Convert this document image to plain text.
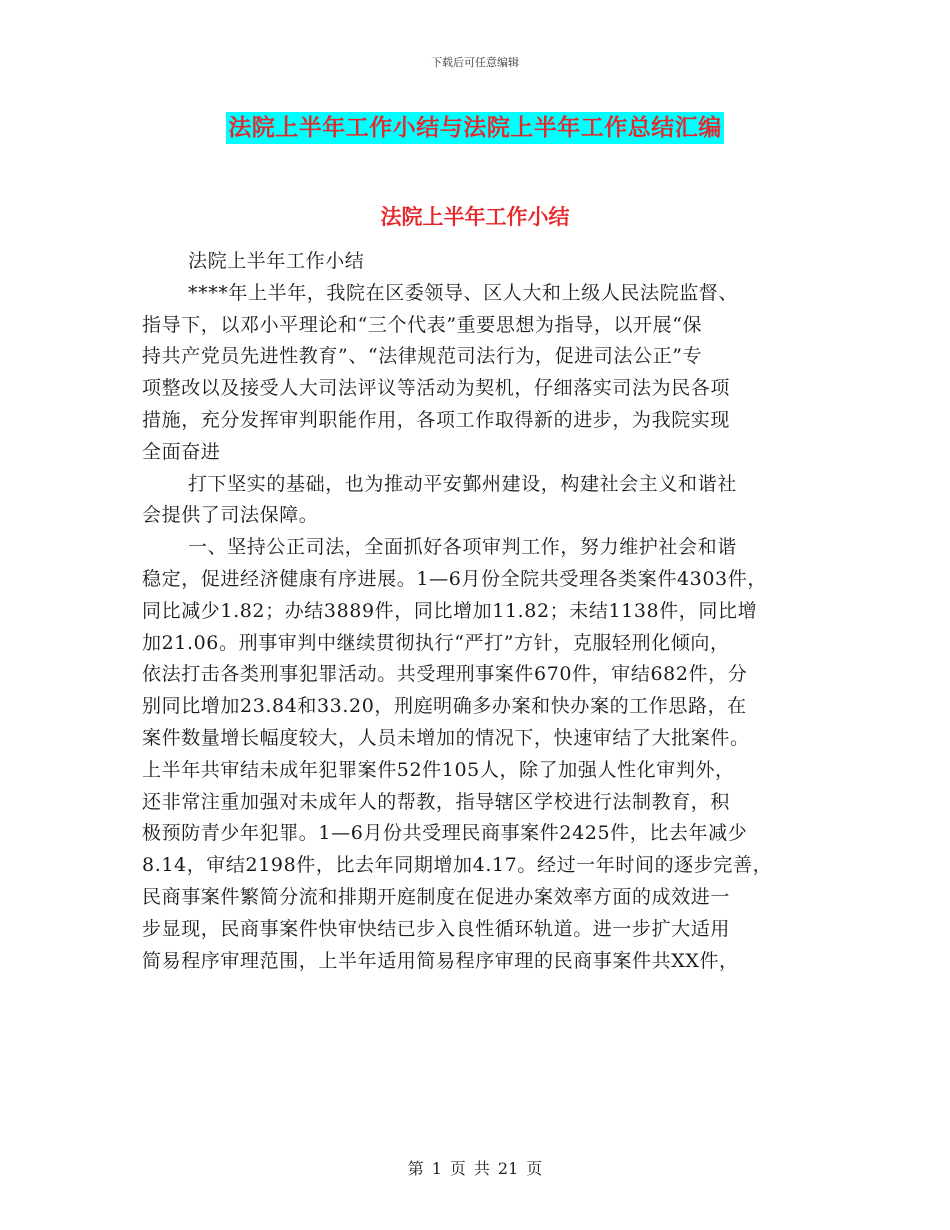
下载后可任意编辑
法院上半年工作小结与法院上半年工作总结汇编
法院上半年工作小结

法院上半年工作小结

****年上半年，我院在区委领导、区人大和上级人民法院监督、

指导下，以邓小平理论和“三个代表”重要思想为指导，以开展“保

持共产党员先进性教育”、“法律规范司法行为，促进司法公正”专

项整改以及接受人大司法评议等活动为契机，仔细落实司法为民各项

措施，充分发挥审判职能作用，各项工作取得新的进步，为我院实现

全面奋进

打下坚实的基础，也为推动平安鄞州建设，构建社会主义和谐社

会提供了司法保障。

一、坚持公正司法，全面抓好各项审判工作，努力维护社会和谐

稳定，促进经济健康有序进展。1—6月份全院共受理各类案件4303件，

同比减少1.82；办结3889件，同比增加11.82；未结1138件，同比增

加21.06。刑事审判中继续贯彻执行“严打”方针，克服轻刑化倾向，

依法打击各类刑事犯罪活动。共受理刑事案件670件，审结682件，分

别同比增加23.84和33.20，刑庭明确多办案和快办案的工作思路，在

案件数量增长幅度较大，人员未增加的情况下，快速审结了大批案件。

上半年共审结未成年犯罪案件52件105人，除了加强人性化审判外，

还非常注重加强对未成年人的帮教，指导辖区学校进行法制教育，积

极预防青少年犯罪。1—6月份共受理民商事案件2425件，比去年减少

8.14，审结2198件，比去年同期增加4.17。经过一年时间的逐步完善，

民商事案件繁简分流和排期开庭制度在促进办案效率方面的成效进一

步显现，民商事案件快审快结已步入良性循环轨道。进一步扩大适用

简易程序审理范围，上半年适用简易程序审理的民商事案件共XX件，

第 1 页 共 21 页
